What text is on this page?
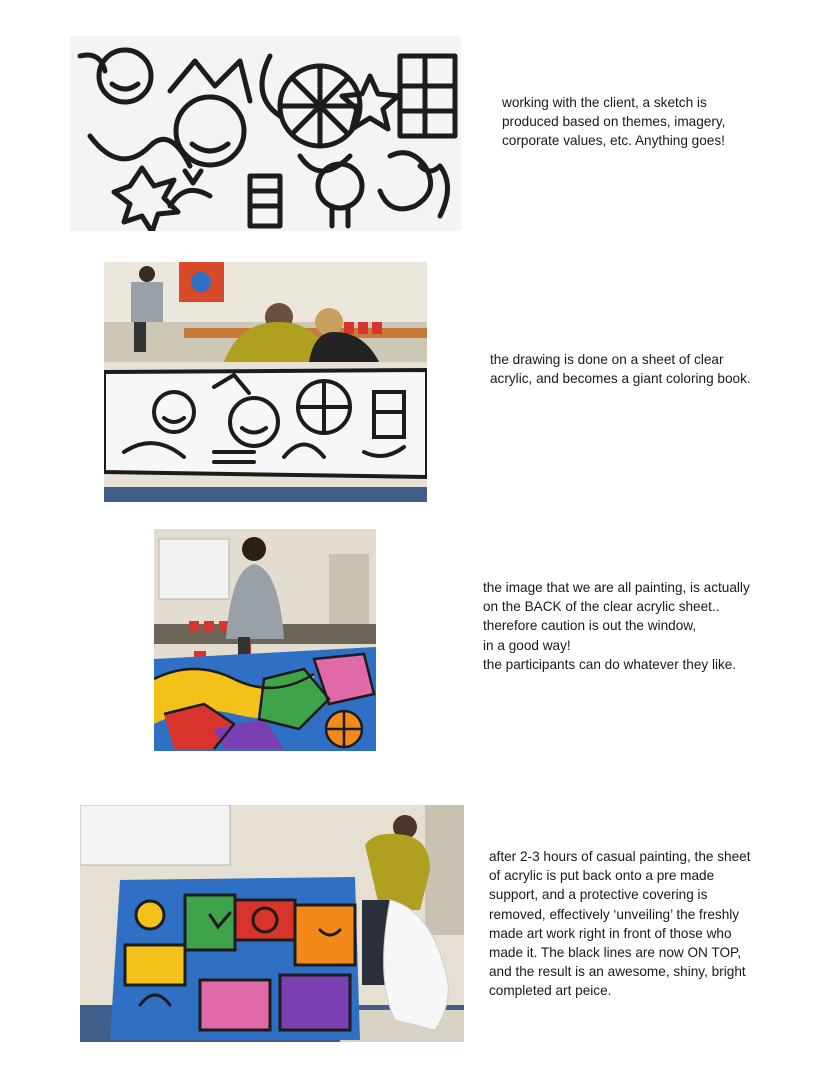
working with the client, a sketch is
produced based on themes, imagery,
corporate values, etc. Anything goes!

the drawing is done on a sheet of clear
acrylic, and becomes a giant coloring book.

the image that we are all painting, is actually
on the BACK of the clear acrylic sheet..
therefore caution is out the window,
in a good way!
the participants can do whatever they like.

after 2-3 hours of casual painting, the sheet
of acrylic is put back onto a pre made
support, and a protective covering is
removed, effectively ‘unveiling’ the freshly
made art work right in front of those who
made it. The black lines are now ON TOP,
and the result is an awesome, shiny, bright
completed art peice.
